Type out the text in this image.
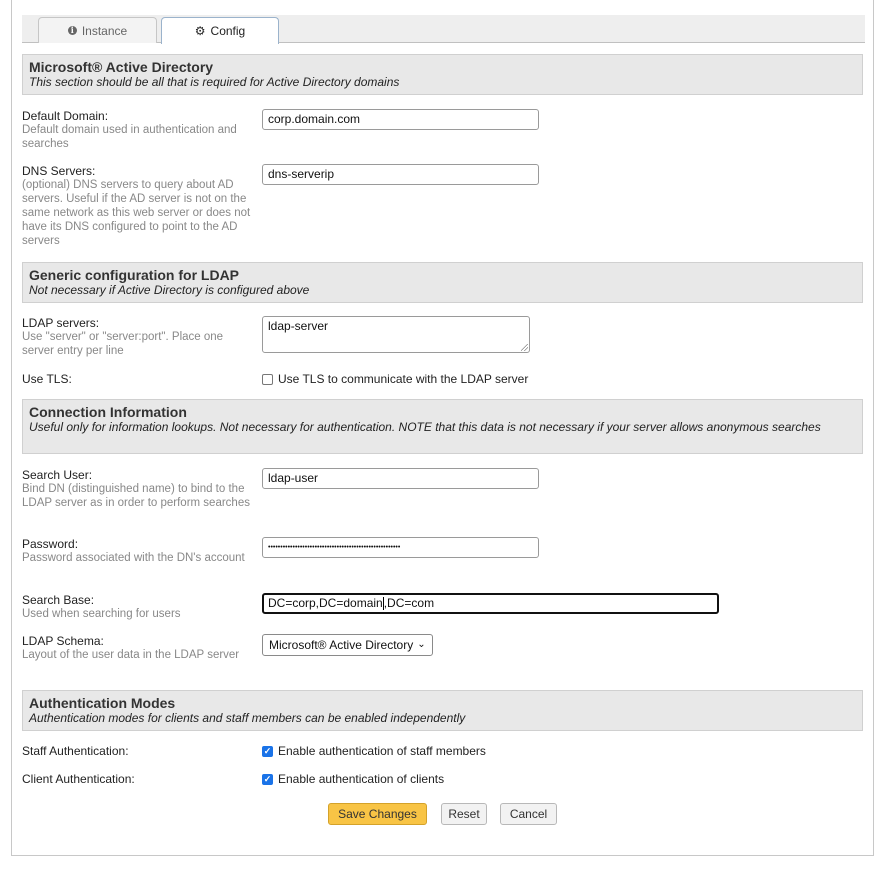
i Instance	⚙ Config
Microsoft® Active Directory
This section should be all that is required for Active Directory domains
Default Domain:
Default domain used in authentication and searches
corp.domain.com
DNS Servers:
(optional) DNS servers to query about AD servers. Useful if the AD server is not on the same network as this web server or does not have its DNS configured to point to the AD servers
dns-serverip
Generic configuration for LDAP
Not necessary if Active Directory is configured above
LDAP servers:
Use "server" or "server:port". Place one server entry per line
ldap-server
Use TLS:	Use TLS to communicate with the LDAP server
Connection Information
Useful only for information lookups. Not necessary for authentication. NOTE that this data is not necessary if your server allows anonymous searches
Search User:
Bind DN (distinguished name) to bind to the LDAP server as in order to perform searches
ldap-user
Password:
Password associated with the DN's account
••••••••••••••••••••••••••••••••••••••••••••••••••••••
Search Base:
Used when searching for users
DC=corp,DC=domain,DC=com
LDAP Schema:
Layout of the user data in the LDAP server
Microsoft® Active Directory ⌄
Authentication Modes
Authentication modes for clients and staff members can be enabled independently
Staff Authentication:	✓ Enable authentication of staff members
Client Authentication:	✓ Enable authentication of clients
Save Changes	Reset	Cancel
